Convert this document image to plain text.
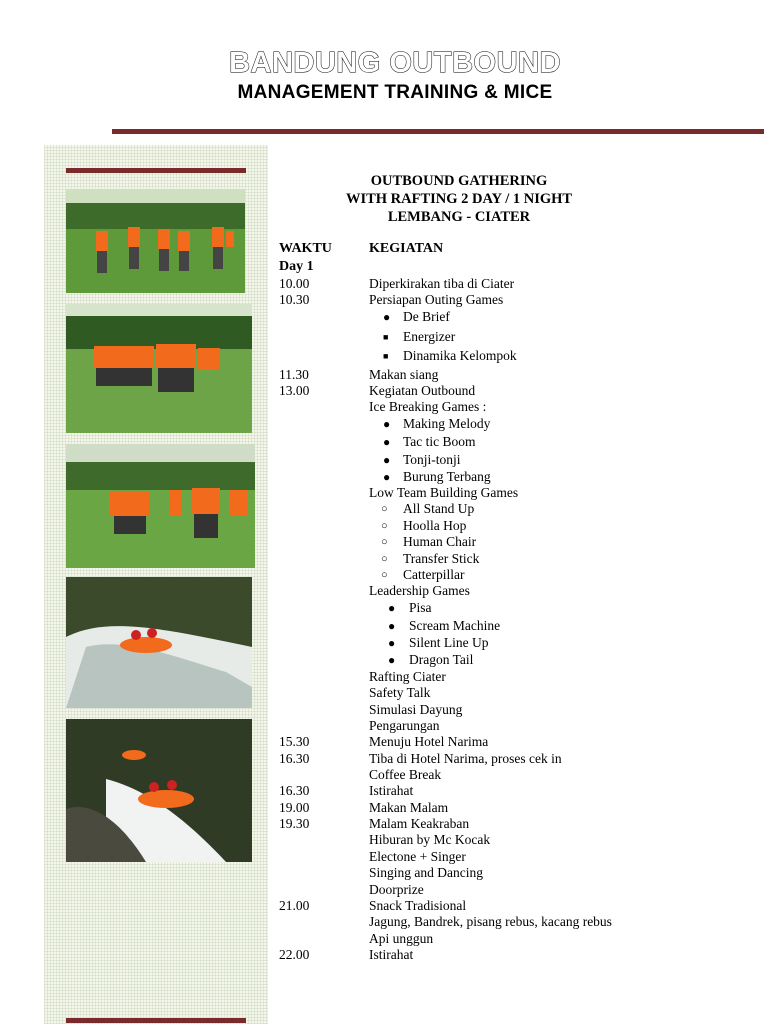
BANDUNG OUTBOUND
MANAGEMENT TRAINING & MICE
OUTBOUND GATHERING
WITH RAFTING 2 DAY / 1 NIGHT
LEMBANG - CIATER
WAKTU	KEGIATAN
Day 1
10.00	Diperkirakan tiba di Ciater
10.30	Persiapan Outing Games
● De Brief
■ Energizer
■ Dinamika Kelompok
11.30	Makan siang
13.00	Kegiatan Outbound
Ice Breaking Games :
● Making Melody
● Tac tic Boom
● Tonji-tonji
● Burung Terbang
Low Team Building Games
○ All Stand Up
○ Hoolla Hop
○ Human Chair
○ Transfer Stick
○ Catterpillar
Leadership Games
● Pisa
● Scream Machine
● Silent Line Up
● Dragon Tail
Rafting Ciater
Safety Talk
Simulasi Dayung
Pengarungan
15.30	Menuju Hotel Narima
16.30	Tiba di Hotel Narima, proses cek in
Coffee Break
16.30	Istirahat
19.00	Makan Malam
19.30	Malam Keakraban
Hiburan by Mc Kocak
Electone + Singer
Singing and Dancing
Doorprize
21.00	Snack Tradisional
Jagung, Bandrek, pisang rebus, kacang rebus
Api unggun
22.00	Istirahat
